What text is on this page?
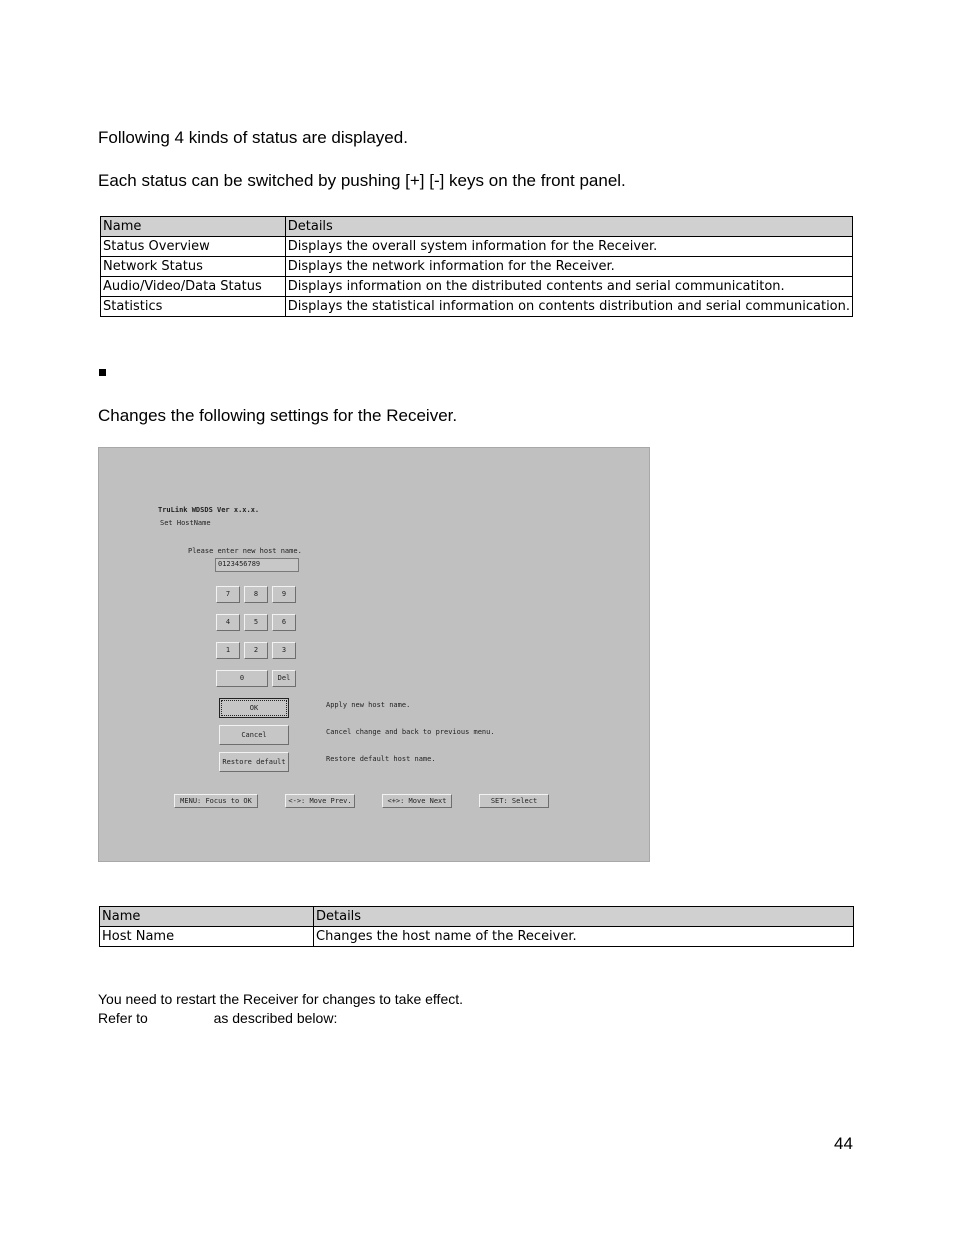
Following 4 kinds of status are displayed.
Each status can be switched by pushing [+] [-] keys on the front panel.
Name	Details
Status Overview	Displays the overall system information for the Receiver.
Network Status	Displays the network information for the Receiver.
Audio/Video/Data Status	Displays information on the distributed contents and serial communicatiton.
Statistics	Displays the statistical information on contents distribution and serial communication.
Changes the following settings for the Receiver.
TruLink WDSDS Ver x.x.x.
Set HostName
Please enter new host name.
0123456789
7	8	9
4	5	6
1	2	3
0	Del
OK	Apply new host name.
Cancel	Cancel change and back to previous menu.
Restore default	Restore default host name.
MENU: Focus to OK	<->: Move Prev.	<+>: Move Next	SET: Select
Name	Details
Host Name	Changes the host name of the Receiver.
You need to restart the Receiver for changes to take effect.
Refer to	as described below:
44
